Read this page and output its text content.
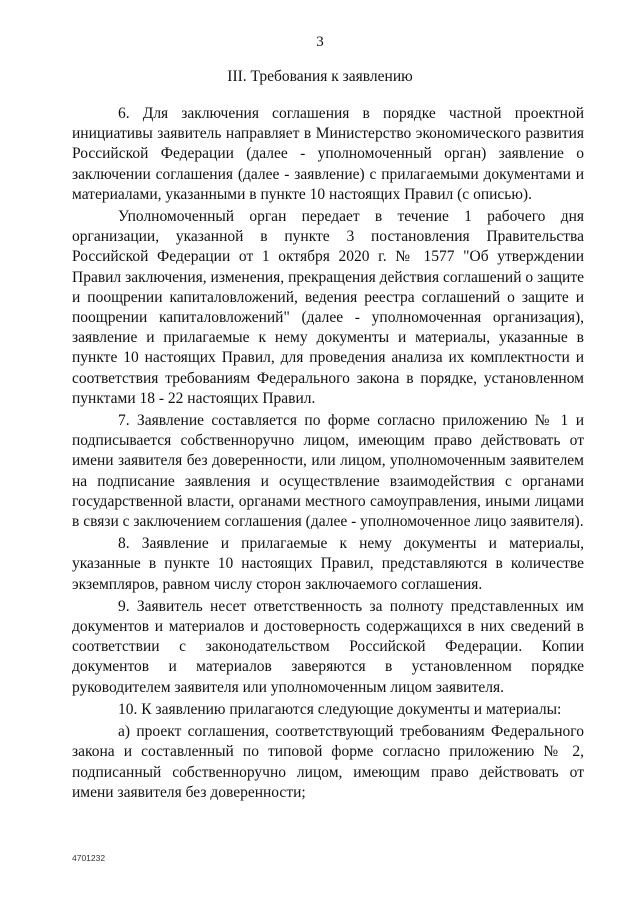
3
III. Требования к заявлению

6. Для заключения соглашения в порядке частной проектной инициативы заявитель направляет в Министерство экономического развития Российской Федерации (далее - уполномоченный орган) заявление о заключении соглашения (далее - заявление) с прилагаемыми документами и материалами, указанными в пункте 10 настоящих Правил (с описью).

Уполномоченный орган передает в течение 1 рабочего дня организации, указанной в пункте 3 постановления Правительства Российской Федерации от 1 октября 2020 г. № 1577 "Об утверждении Правил заключения, изменения, прекращения действия соглашений о защите и поощрении капиталовложений, ведения реестра соглашений о защите и поощрении капиталовложений" (далее - уполномоченная организация), заявление и прилагаемые к нему документы и материалы, указанные в пункте 10 настоящих Правил, для проведения анализа их комплектности и соответствия требованиям Федерального закона в порядке, установленном пунктами 18 - 22 настоящих Правил.

7. Заявление составляется по форме согласно приложению № 1 и подписывается собственноручно лицом, имеющим право действовать от имени заявителя без доверенности, или лицом, уполномоченным заявителем на подписание заявления и осуществление взаимодействия с органами государственной власти, органами местного самоуправления, иными лицами в связи с заключением соглашения (далее - уполномоченное лицо заявителя).

8. Заявление и прилагаемые к нему документы и материалы, указанные в пункте 10 настоящих Правил, представляются в количестве экземпляров, равном числу сторон заключаемого соглашения.

9. Заявитель несет ответственность за полноту представленных им документов и материалов и достоверность содержащихся в них сведений в соответствии с законодательством Российской Федерации. Копии документов и материалов заверяются в установленном порядке руководителем заявителя или уполномоченным лицом заявителя.

10. К заявлению прилагаются следующие документы и материалы:

а) проект соглашения, соответствующий требованиям Федерального закона и составленный по типовой форме согласно приложению № 2, подписанный собственноручно лицом, имеющим право действовать от имени заявителя без доверенности;

4701232
